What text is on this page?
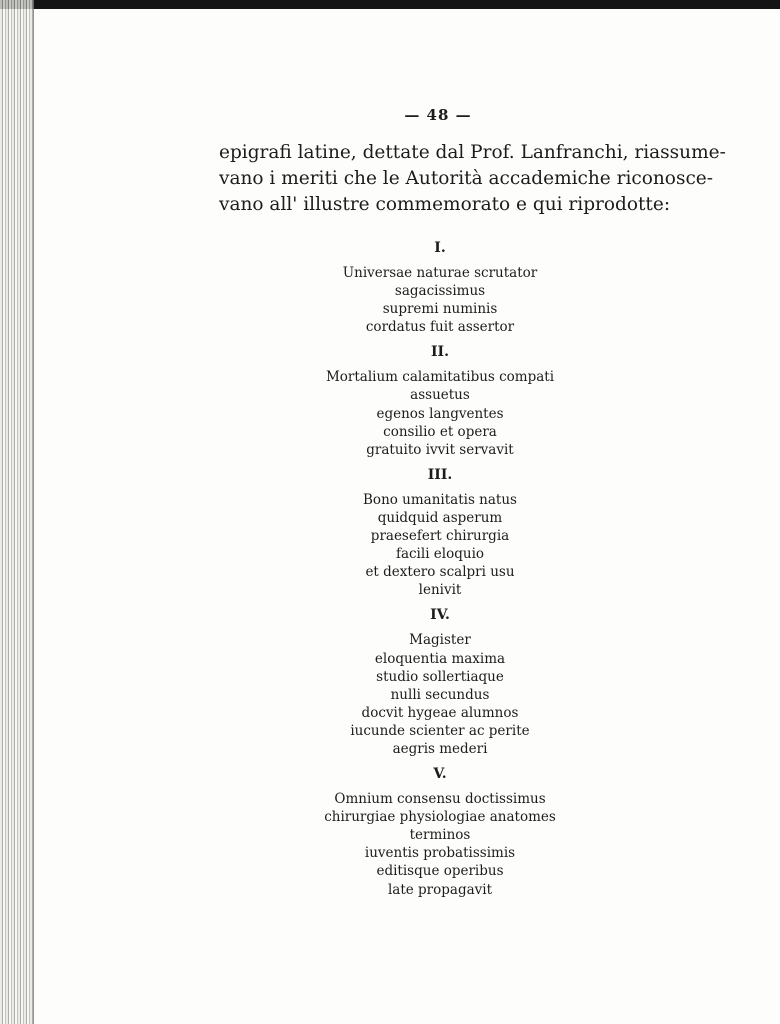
— 48 —
epigrafi latine, dettate dal Prof. Lanfranchi, riassume-
vano i meriti che le Autorità accademiche riconosce-
vano all' illustre commemorato e qui riprodotte:
I.
Universae naturae scrutator
sagacissimus
supremi numinis
cordatus fuit assertor
II.
Mortalium calamitatibus compati
assuetus
egenos langventes
consilio et opera
gratuito ivvit servavit
III.
Bono umanitatis natus
quidquid asperum
praesefert chirurgia
facili eloquio
et dextero scalpri usu
lenivit
IV.
Magister
eloquentia maxima
studio sollertiaque
nulli secundus
docvit hygeae alumnos
iucunde scienter ac perite
aegris mederi
V.
Omnium consensu doctissimus
chirurgiae physiologiae anatomes
terminos
iuventis probatissimis
editisque operibus
late propagavit
